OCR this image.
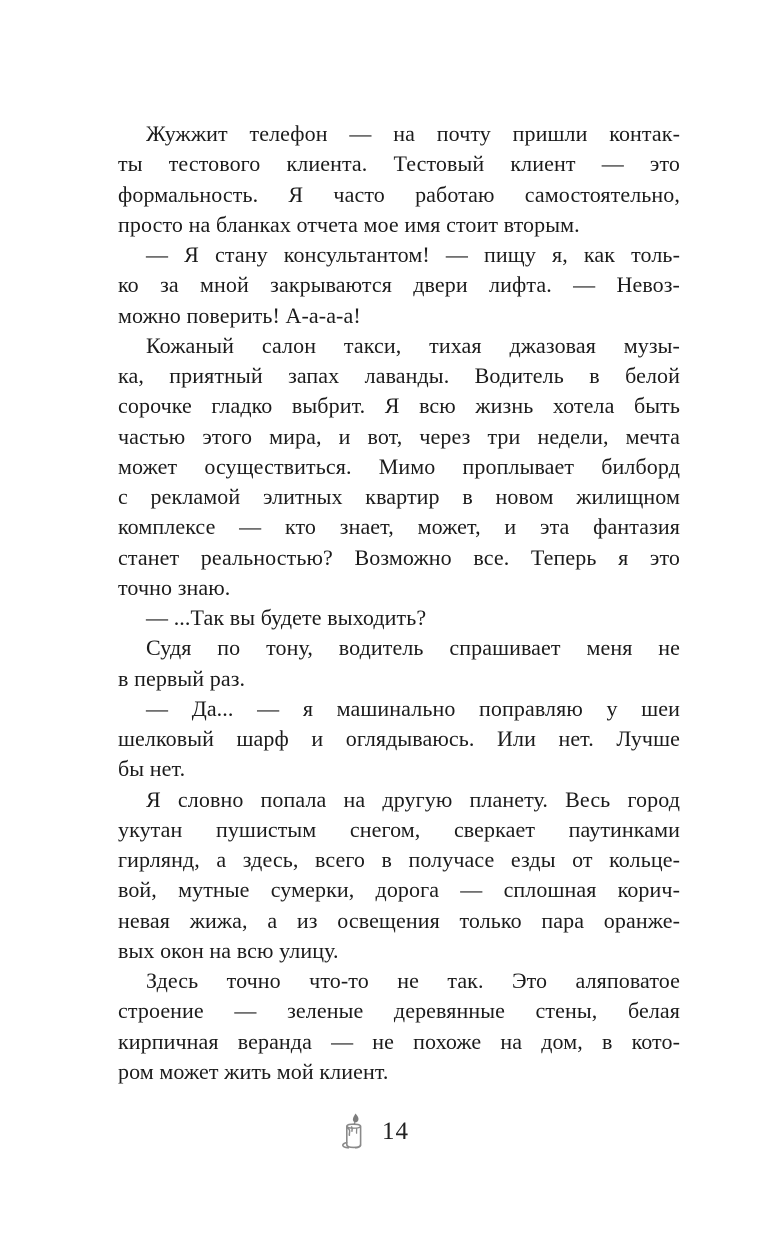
Жужжит телефон — на почту пришли контак-
ты тестового клиента. Тестовый клиент — это
формальность. Я часто работаю самостоятельно,
просто на бланках отчета мое имя стоит вторым.
— Я стану консультантом! — пищу я, как толь-
ко за мной закрываются двери лифта. — Невоз-
можно поверить! А-а-а-а!
Кожаный салон такси, тихая джазовая музы-
ка, приятный запах лаванды. Водитель в белой
сорочке гладко выбрит. Я всю жизнь хотела быть
частью этого мира, и вот, через три недели, мечта
может осуществиться. Мимо проплывает билборд
с рекламой элитных квартир в новом жилищном
комплексе — кто знает, может, и эта фантазия
станет реальностью? Возможно все. Теперь я это
точно знаю.
— ...Так вы будете выходить?
Судя по тону, водитель спрашивает меня не
в первый раз.
— Да... — я машинально поправляю у шеи
шелковый шарф и оглядываюсь. Или нет. Лучше
бы нет.
Я словно попала на другую планету. Весь город
укутан пушистым снегом, сверкает паутинками
гирлянд, а здесь, всего в получасе езды от кольце-
вой, мутные сумерки, дорога — сплошная корич-
невая жижа, а из освещения только пара оранже-
вых окон на всю улицу.
Здесь точно что-то не так. Это аляповатое
строение — зеленые деревянные стены, белая
кирпичная веранда — не похоже на дом, в кото-
ром может жить мой клиент.
14
